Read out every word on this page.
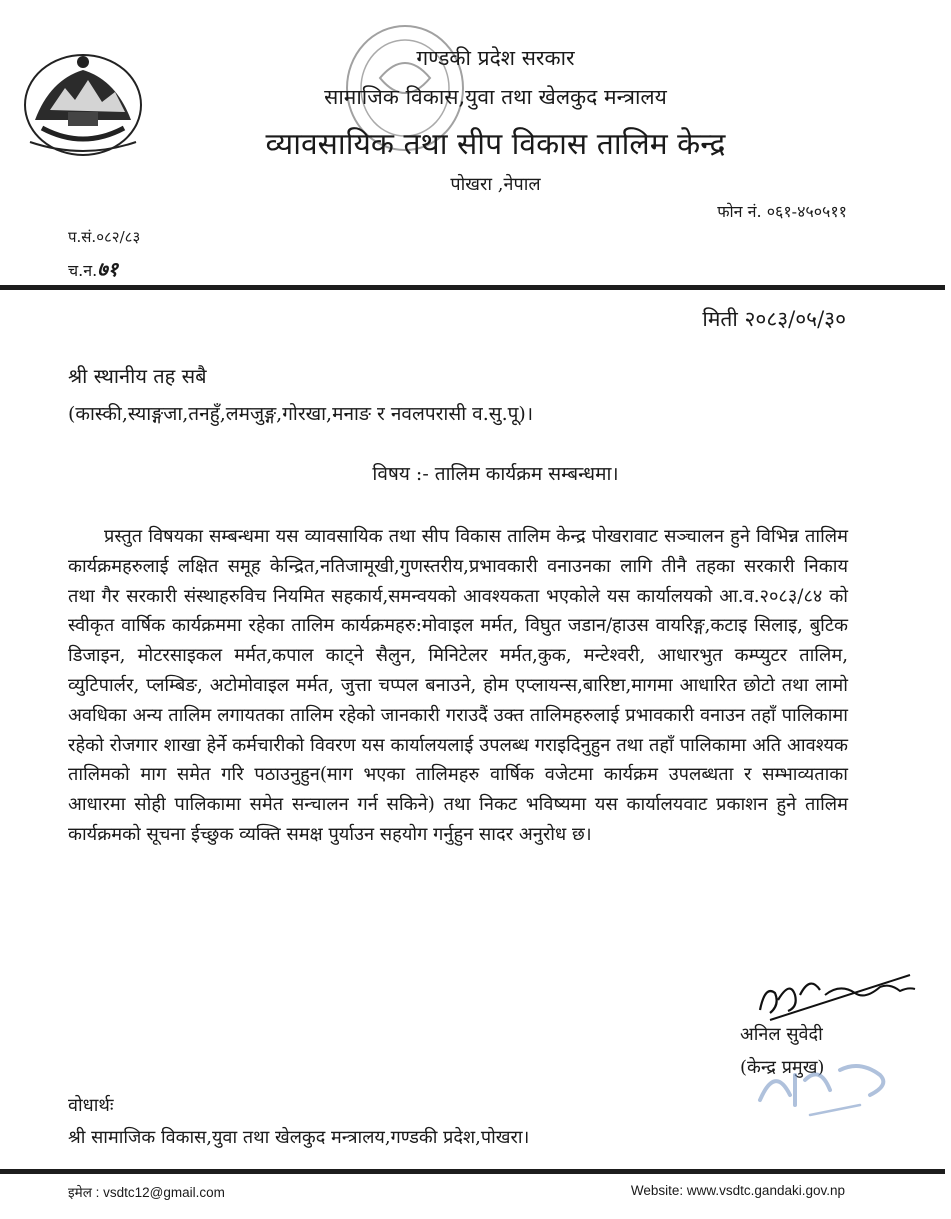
गण्डकी प्रदेश सरकार
सामाजिक विकास,युवा तथा खेलकुद मन्त्रालय
व्यावसायिक तथा सीप विकास तालिम केन्द्र
पोखरा ,नेपाल
फोन नं. ०६१-४५०५११
प.सं.०८२/८३
च.न.७१
मिती २०८३/०५/३०
श्री स्थानीय तह सबै
(कास्की,स्याङ्गजा,तनहुँ,लमजुङ्ग,गोरखा,मनाङ र नवलपरासी व.सु.पू)।
विषय :- तालिम कार्यक्रम सम्बन्धमा।

प्रस्तुत विषयका सम्बन्धमा यस व्यावसायिक तथा सीप विकास तालिम केन्द्र पोखरावाट सञ्चालन हुने विभिन्न तालिम कार्यक्रमहरुलाई लक्षित समूह केन्द्रित,नतिजामूखी,गुणस्तरीय,प्रभावकारी वनाउनका लागि तीनै तहका सरकारी निकाय तथा गैर सरकारी संस्थाहरुविच नियमित सहकार्य,समन्वयको आवश्यकता भएकोले यस कार्यालयको आ.व.२०८३/८४ को स्वीकृत वार्षिक कार्यक्रममा रहेका तालिम कार्यक्रमहरु:मोवाइल मर्मत, विघुत जडान/हाउस वायरिङ्ग,कटाइ सिलाइ, बुटिक डिजाइन, मोटरसाइकल मर्मत,कपाल काट्ने सैलुन, मिनिटेलर मर्मत,कुक, मन्टेश्वरी, आधारभुत कम्प्युटर तालिम, व्युटिपार्लर, प्लम्बिङ, अटोमोवाइल मर्मत, जुत्ता चप्पल बनाउने, होम एप्लायन्स,बारिष्टा,मागमा आधारित छोटो तथा लामो अवधिका अन्य तालिम लगायतका तालिम रहेको जानकारी गराउदैं उक्त तालिमहरुलाई प्रभावकारी वनाउन तहाँ पालिकामा रहेको रोजगार शाखा हेर्ने कर्मचारीको विवरण यस कार्यालयलाई उपलब्ध गराइदिनुहुन तथा तहाँ पालिकामा अति आवश्यक तालिमको माग समेत गरि पठाउनुहुन(माग भएका तालिमहरु वार्षिक वजेटमा कार्यक्रम उपलब्धता र सम्भाव्यताका आधारमा सोही पालिकामा समेत सन्चालन गर्न सकिने) तथा निकट भविष्यमा यस कार्यालयवाट प्रकाशन हुने तालिम कार्यक्रमको सूचना ईच्छुक व्यक्ति समक्ष पुर्याउन सहयोग गर्नुहुन सादर अनुरोध छ।

अनिल सुवेदी
(केन्द्र प्रमुख)
वोधार्थः
श्री सामाजिक विकास,युवा तथा खेलकुद मन्त्रालय,गण्डकी प्रदेश,पोखरा।
इमेल : vsdtc12@gmail.com	Website: www.vsdtc.gandaki.gov.np
